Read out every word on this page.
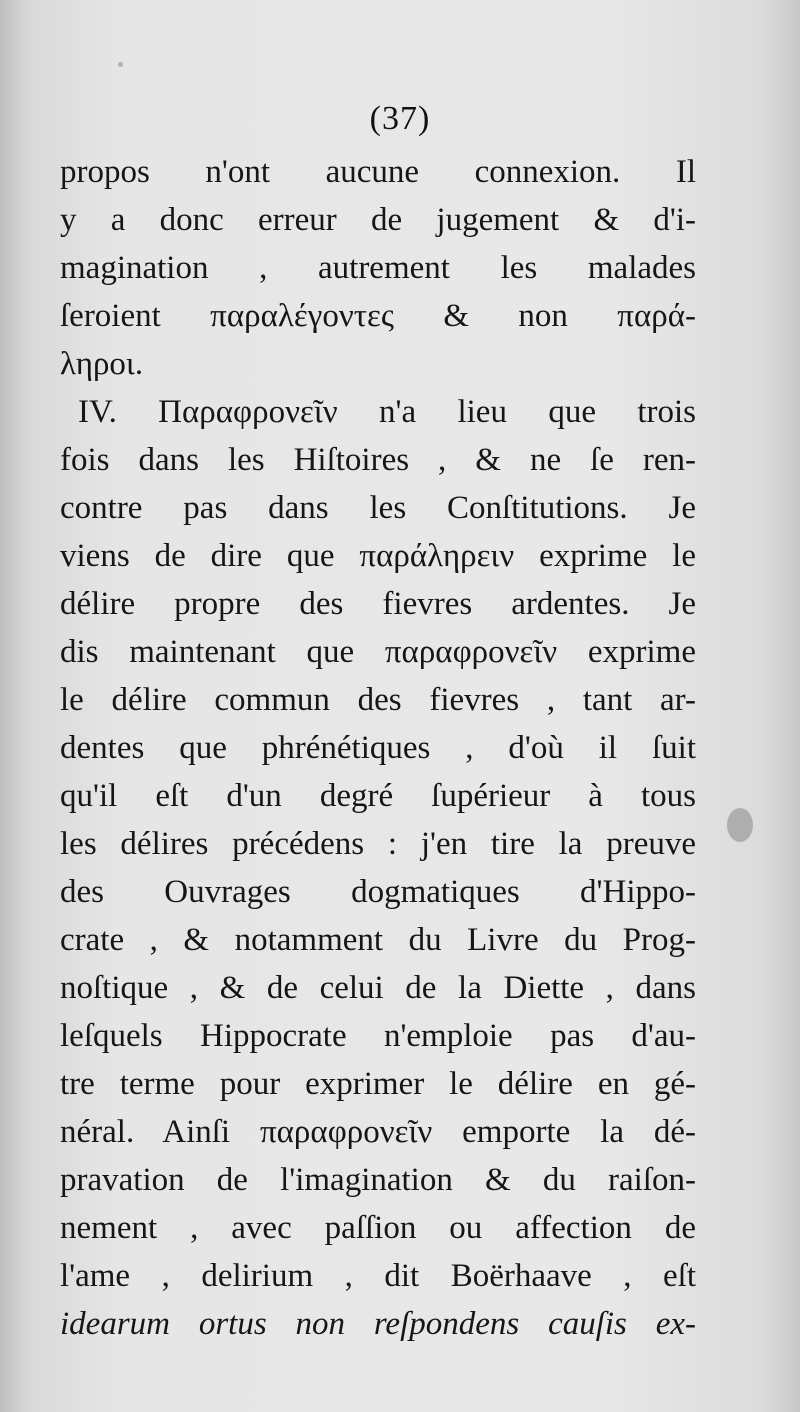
(37)
propos n'ont aucune connexion. Il
y a donc erreur de jugement & d'i-
magination , autrement les malades
ſeroient παραλέγοντες & non παρά-
ληροι.
IV. Παραφρονεῖν n'a lieu que trois
fois dans les Hiſtoires , & ne ſe ren-
contre pas dans les Conſtitutions. Je
viens de dire que παράληρειν exprime le
délire propre des fievres ardentes. Je
dis maintenant que παραφρονεῖν exprime
le délire commun des fievres , tant ar-
dentes que phrénétiques , d'où il ſuit
qu'il eſt d'un degré ſupérieur à tous
les délires précédens : j'en tire la preuve
des Ouvrages dogmatiques d'Hippo-
crate , & notamment du Livre du Prog-
noſtique , & de celui de la Diette , dans
leſquels Hippocrate n'emploie pas d'au-
tre terme pour exprimer le délire en gé-
néral. Ainſi παραφρονεῖν emporte la dé-
pravation de l'imagination & du raiſon-
nement , avec paſſion ou affection de
l'ame , delirium , dit Boërhaave , eſt
idearum ortus non reſpondens cauſis ex-
